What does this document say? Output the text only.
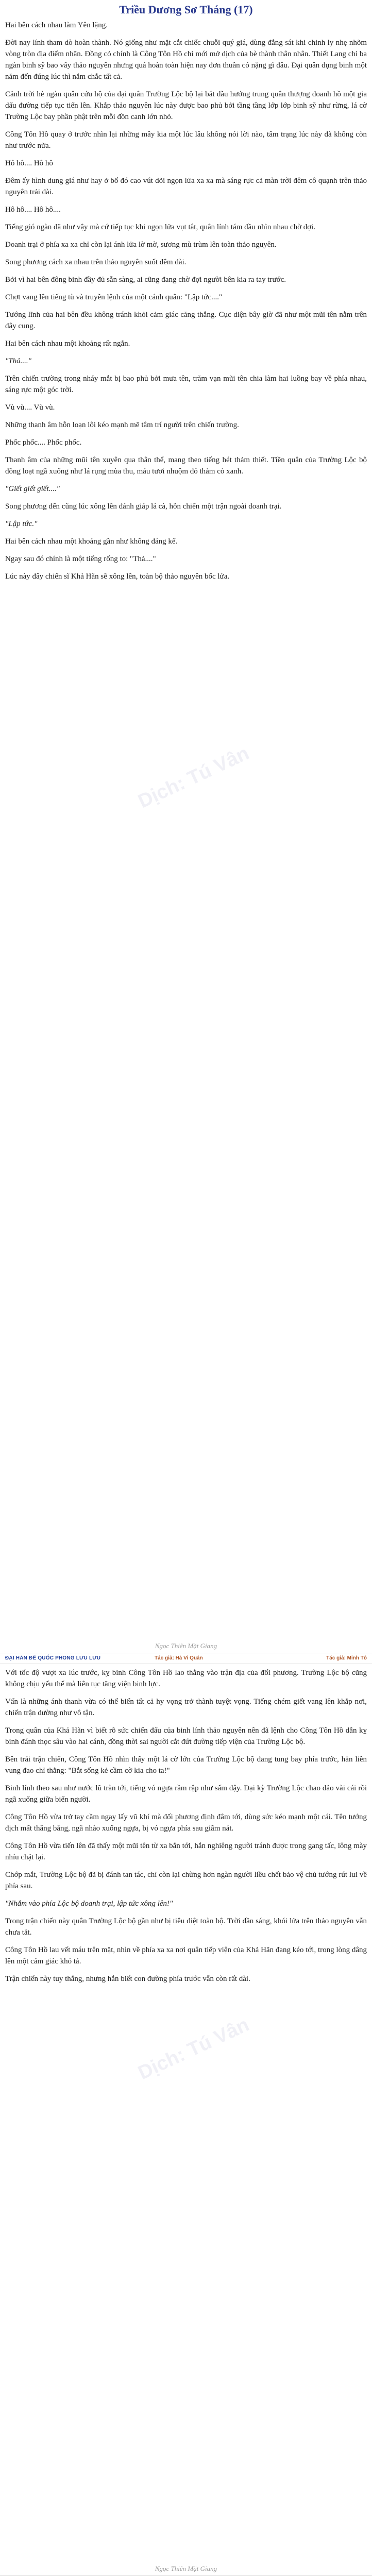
Triều Dương Sơ Tháng (17)
Dịch: Tú Vân

Hai bên cách nhau làm Yên lặng.

Đời nay lính tham dò hoàn thành. Nó giống như mặt cắt chiếc chuỗi quý giá, dùng đẳng sát khi chinh ly nhẹ nhõm vòng tròn địa điểm nhãn. Đồng cỏ chính là Công Tôn Hồ chỉ mới mở dịch của bè thành thân nhân. Thiết Lang chỉ ba ngàn binh sỹ bao vây thảo nguyên nhưng quá hoàn toàn hiện nay đơn thuần có nặng gì đâu. Đại quân dụng binh một năm đến đúng lúc thì nắm chắc tất cả.

Cảnh trời hè ngàn quân cứu hộ của đại quân Trường Lộc bộ lại bắt đầu hướng trung quân thượng doanh hồ một gia dấu đường tiếp tục tiến lên. Khắp thảo nguyên lúc này được bao phủ bởi tầng tầng lớp lớp binh sỹ như rừng, lá cờ Trường Lộc bay phần phật trên mỗi đồn canh lớn nhỏ.

Công Tôn Hồ quay ở trước nhìn lại những mây kia một lúc lâu không nói lời nào, tâm trạng lúc này đã không còn như trước nữa.

Hô hô.... Hô hô

Đêm ấy hình dung giá như hay ở bố đó cao vút dõi ngọn lửa xa xa mà sáng rực cả màn trời đêm cô quạnh trên thảo nguyên trải dài.

Hô hô.... Hô hô....

Tiếng gió ngàn đã như vậy mà cứ tiếp tục khi ngọn lửa vụt tắt, quân lính tám đầu nhìn nhau chờ đợi.

Doanh trại ở phía xa xa chỉ còn lại ánh lửa lờ mờ, sương mù trùm lên toàn thảo nguyên.

Song phương cách xa nhau trên thảo nguyên suốt đêm dài.

Bởi vì hai bên đông binh đầy đủ sẵn sàng, ai cũng đang chờ đợi người bên kia ra tay trước.

Chợt vang lên tiếng tù và truyền lệnh của một cánh quân: "Lập tức...."

Tướng lĩnh của hai bên đều không tránh khỏi cảm giác căng thẳng. Cục diện bây giờ đã như một mũi tên nằm trên dây cung.

Hai bên cách nhau một khoảng rất ngắn.

"Thả...."

Trên chiến trường trong nháy mắt bị bao phủ bởi mưa tên, trăm vạn mũi tên chia làm hai luồng bay về phía nhau, sáng rực một góc trời.

Vù vù.... Vù vù.

Những thanh âm hỗn loạn lôi kéo mạnh mẽ tâm trí người trên chiến trường.

Phốc phốc.... Phốc phốc.

Thanh âm của những mũi tên xuyên qua thân thể, mang theo tiếng hét thảm thiết. Tiền quân của Trường Lộc bộ đồng loạt ngã xuống như lá rụng mùa thu, máu tươi nhuộm đỏ thảm cỏ xanh.

"Giết giết giết...."

Song phương đến cũng lúc xông lên đánh giáp lá cà, hỗn chiến một trận ngoài doanh trại.

"Lập tức."

Hai bên cách nhau một khoảng gần như không đáng kể.

Ngay sau đó chính là một tiếng rống to: "Thả...."

Lúc này đây chiến sĩ Khả Hãn sẽ xông lên, toàn bộ thảo nguyên bốc lửa.

Ngọc Thiên Mặt Giang
ĐẠI HÀN ĐỂ QUỐC PHONG LƯU LƯU	Tác giả: Hà Vi Quân	Tác giả: Minh Tô
Dịch: Tú Vân

Với tốc độ vượt xa lúc trước, kỵ binh Công Tôn Hồ lao thẳng vào trận địa của đối phương. Trường Lộc bộ cũng không chịu yếu thế mà liên tục tăng viện binh lực.

Vấn là những ánh thanh vừa có thể biến tất cả hy vọng trở thành tuyệt vọng. Tiếng chém giết vang lên khắp nơi, chiến trận dường như vô tận.

Trong quân của Khả Hãn vì biết rõ sức chiến đấu của binh lính thảo nguyên nên đã lệnh cho Công Tôn Hồ dẫn kỵ binh đánh thọc sâu vào hai cánh, đồng thời sai người cắt đứt đường tiếp viện của Trường Lộc bộ.

Bên trái trận chiến, Công Tôn Hồ nhìn thấy một lá cờ lớn của Trường Lộc bộ đang tung bay phía trước, hắn liền vung đao chỉ thẳng: "Bắt sống kẻ cầm cờ kia cho ta!"

Binh lính theo sau như nước lũ tràn tới, tiếng vó ngựa rầm rập như sấm dậy. Đại kỳ Trường Lộc chao đảo vài cái rồi ngã xuống giữa biển người.

Công Tôn Hồ vừa trở tay cầm ngay lấy vũ khí mà đối phương định đâm tới, dùng sức kéo mạnh một cái. Tên tướng địch mất thăng bằng, ngã nhào xuống ngựa, bị vó ngựa phía sau giẫm nát.

Công Tôn Hồ vừa tiến lên đã thấy một mũi tên từ xa bắn tới, hắn nghiêng người tránh được trong gang tấc, lông mày nhíu chặt lại.

Chớp mắt, Trường Lộc bộ đã bị đánh tan tác, chỉ còn lại chừng hơn ngàn người liều chết bảo vệ chủ tướng rút lui về phía sau.

"Nhắm vào phía Lộc bộ doanh trại, lập tức xông lên!"

Trong trận chiến này quân Trường Lộc bộ gần như bị tiêu diệt toàn bộ. Trời dần sáng, khói lửa trên thảo nguyên vẫn chưa tắt.

Công Tôn Hồ lau vết máu trên mặt, nhìn về phía xa xa nơi quân tiếp viện của Khả Hãn đang kéo tới, trong lòng dâng lên một cảm giác khó tả.

Trận chiến này tuy thắng, nhưng hắn biết con đường phía trước vẫn còn rất dài.

Ngọc Thiên Mặt Giang
